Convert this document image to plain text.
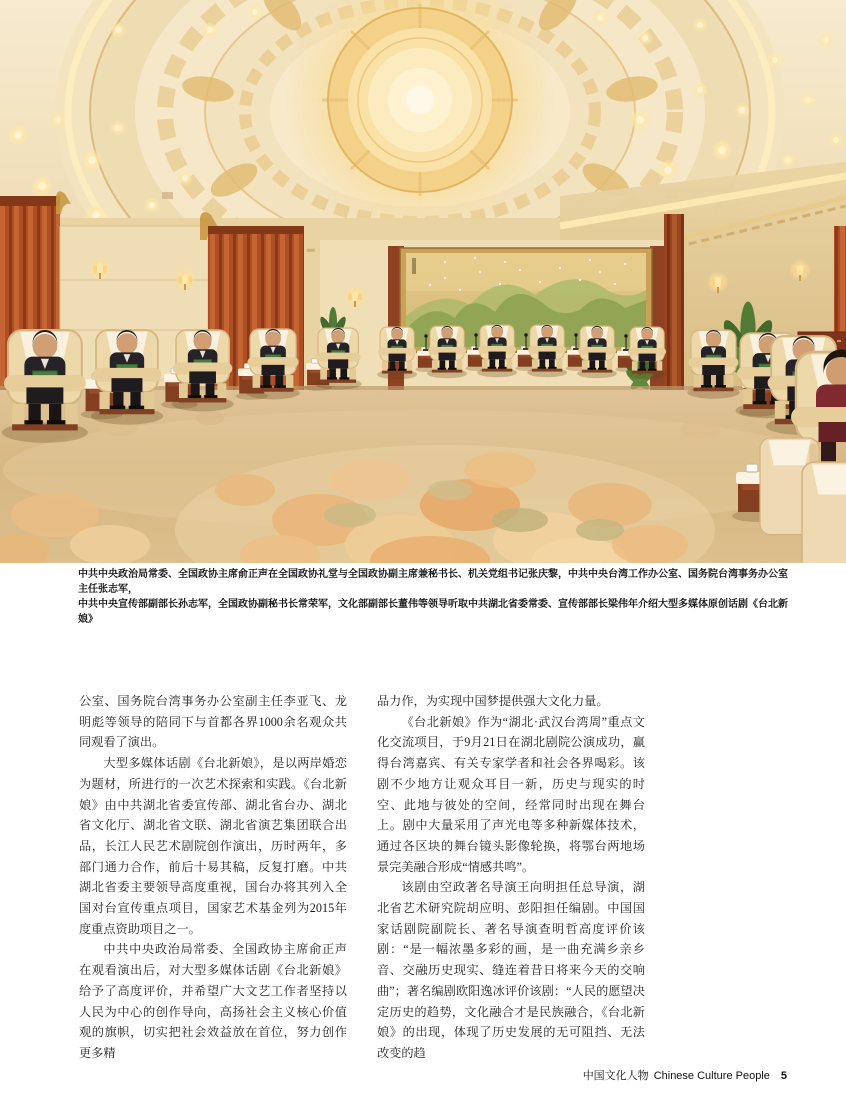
中共中央政治局常委、全国政协主席俞正声在全国政协礼堂与全国政协副主席兼秘书长、机关党组书记张庆黎，中共中央台湾工作办公室、国务院台湾事务办公室主任张志军，
中共中央宣传部副部长孙志军，全国政协副秘书长常荣军，文化部副部长董伟等领导听取中共湖北省委常委、宣传部部长梁伟年介绍大型多媒体原创话剧《台北新娘》

公室、国务院台湾事务办公室副主任李亚飞、龙明彪等领导的陪同下与首都各界1000余名观众共同观看了演出。

大型多媒体话剧《台北新娘》，是以两岸婚恋为题材，所进行的一次艺术探索和实践。《台北新娘》由中共湖北省委宣传部、湖北省台办、湖北省文化厅、湖北省文联、湖北省演艺集团联合出品，长江人民艺术剧院创作演出，历时两年，多部门通力合作，前后十易其稿，反复打磨。中共湖北省委主要领导高度重视，国台办将其列入全国对台宣传重点项目，国家艺术基金列为2015年度重点资助项目之一。

中共中央政治局常委、全国政协主席俞正声在观看演出后，对大型多媒体话剧《台北新娘》给予了高度评价，并希望广大文艺工作者坚持以人民为中心的创作导向，高扬社会主义核心价值观的旗帜，切实把社会效益放在首位，努力创作更多精

品力作，为实现中国梦提供强大文化力量。

《台北新娘》作为“湖北·武汉台湾周”重点文化交流项目，于9月21日在湖北剧院公演成功，赢得台湾嘉宾、有关专家学者和社会各界喝彩。该剧不少地方让观众耳目一新，历史与现实的时空、此地与彼处的空间，经常同时出现在舞台上。剧中大量采用了声光电等多种新媒体技术，通过各区块的舞台镜头影像轮换，将鄂台两地场景完美融合形成“情感共鸣”。

该剧由空政著名导演王向明担任总导演，湖北省艺术研究院胡应明、彭阳担任编剧。中国国家话剧院副院长、著名导演查明哲高度评价该剧：“是一幅浓墨多彩的画，是一曲充满乡亲乡音、交融历史现实、缝连着昔日将来今天的交响曲”；著名编剧欧阳逸冰评价该剧：“人民的愿望决定历史的趋势，文化融合才是民族融合，《台北新娘》的出现，体现了历史发展的无可阻挡、无法改变的趋

中国文化人物 Chinese Culture People 5
